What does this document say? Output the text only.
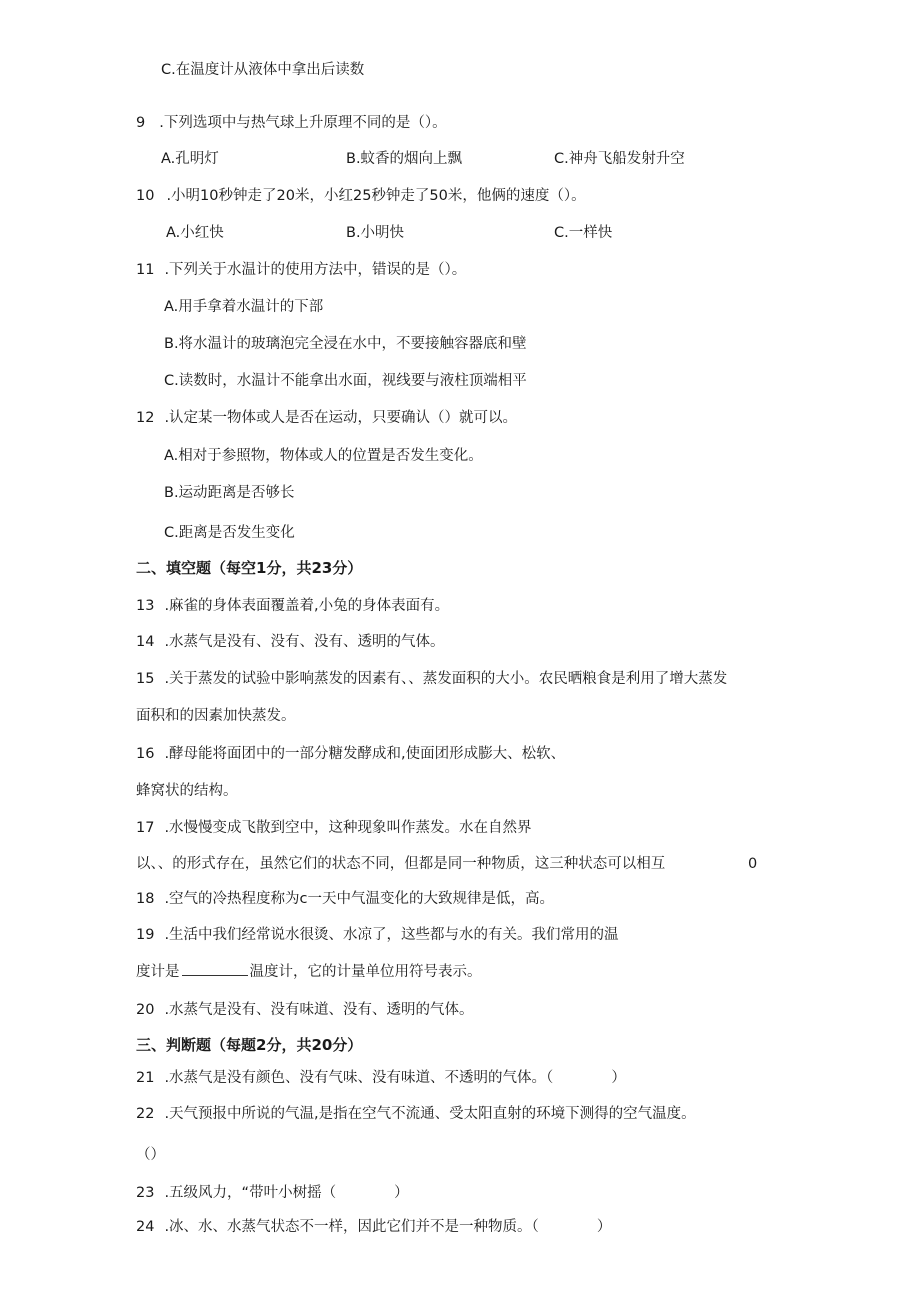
C.在温度计从液体中拿出后读数
9 .下列选项中与热气球上升原理不同的是（）。
A.孔明灯	B.蚊香的烟向上飘	C.神舟飞船发射升空
10 .小明10秒钟走了20米，小红25秒钟走了50米，他俩的速度（）。
A.小红快	B.小明快	C.一样快
11 .下列关于水温计的使用方法中，错误的是（）。
A.用手拿着水温计的下部
B.将水温计的玻璃泡完全浸在水中，不要接触容器底和壁
C.读数时，水温计不能拿出水面，视线要与液柱顶端相平
12 .认定某一物体或人是否在运动，只要确认（）就可以。
A.相对于参照物，物体或人的位置是否发生变化。
B.运动距离是否够长
C.距离是否发生变化
二、填空题（每空1分，共23分）
13 .麻雀的身体表面覆盖着,小兔的身体表面有。
14 .水蒸气是没有、没有、没有、透明的气体。
15 .关于蒸发的试验中影响蒸发的因素有、、蒸发面积的大小。农民晒粮食是利用了增大蒸发
面积和的因素加快蒸发。
16 .酵母能将面团中的一部分糖发酵成和,使面团形成膨大、松软、
蜂窝状的结构。
17 .水慢慢变成飞散到空中，这种现象叫作蒸发。水在自然界
以、、的形式存在，虽然它们的状态不同，但都是同一种物质，这三种状态可以相互	0
18 .空气的冷热程度称为c一天中气温变化的大致规律是低，高。
19 .生活中我们经常说水很烫、水凉了，这些都与水的有关。我们常用的温
度计是	温度计，它的计量单位用符号表示。
20 .水蒸气是没有、没有味道、没有、透明的气体。
三、判断题（每题2分，共20分）
21 .水蒸气是没有颜色、没有气味、没有味道、不透明的气体。（	）
22 .天气预报中所说的气温,是指在空气不流通、受太阳直射的环境下测得的空气温度。
（）
23 .五级风力，“带叶小树摇（	）
24 .冰、水、水蒸气状态不一样，因此它们并不是一种物质。（	）
